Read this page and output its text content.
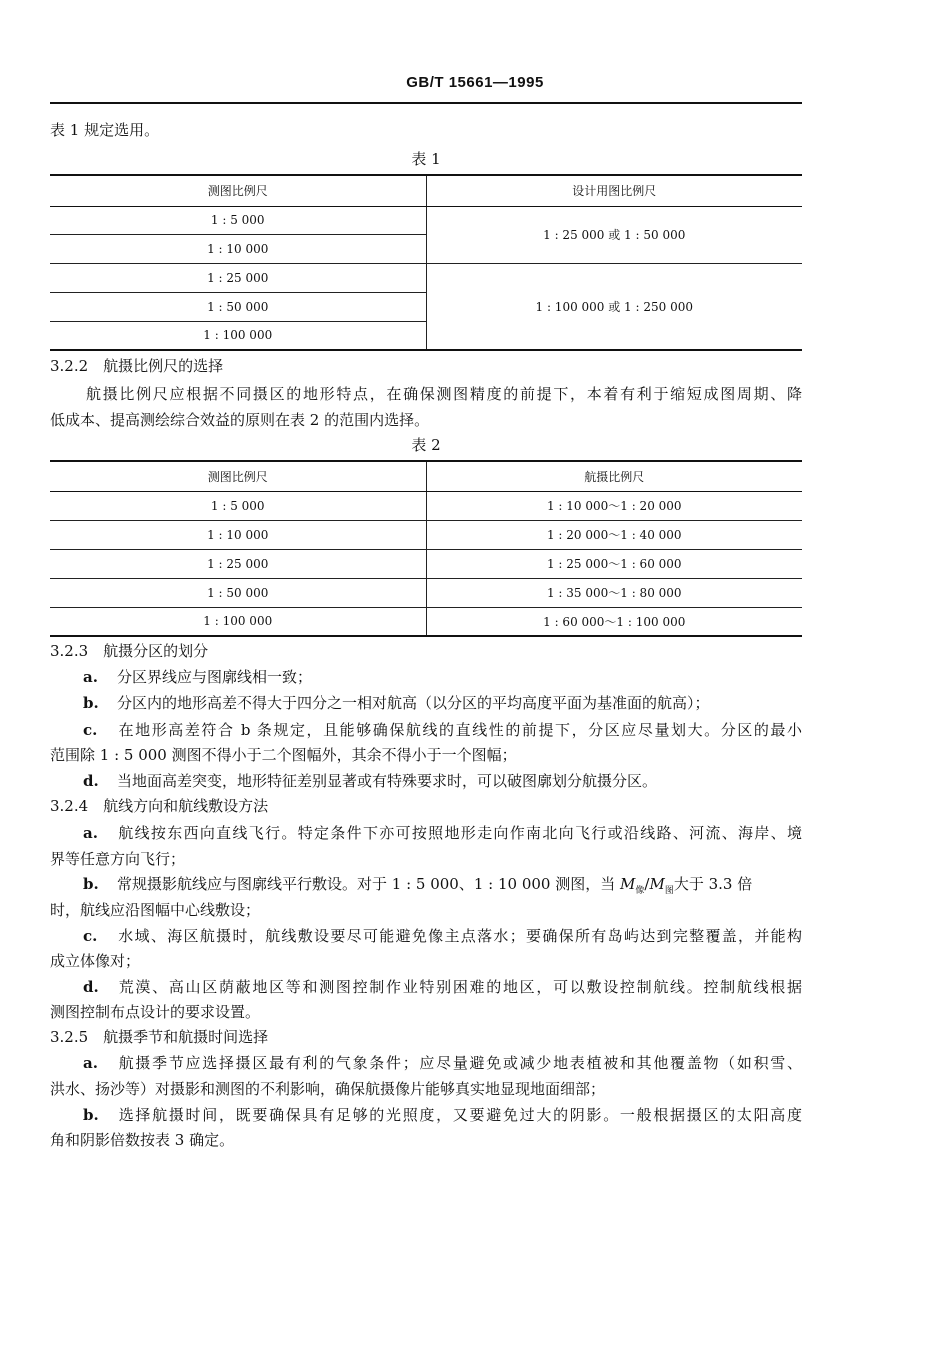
GB/T 15661—1995
表 1 规定选用。
表 1
测图比例尺	设计用图比例尺
1 : 5 000	1 : 25 000 或 1 : 50 000
1 : 10 000	
1 : 25 000	1 : 100 000 或 1 : 250 000
1 : 50 000	
1 : 100 000	
3.2.2　航摄比例尺的选择
航摄比例尺应根据不同摄区的地形特点，在确保测图精度的前提下，本着有利于缩短成图周期、降
低成本、提高测绘综合效益的原则在表 2 的范围内选择。
表 2
测图比例尺	航摄比例尺
1 : 5 000	1 : 10 000～1 : 20 000
1 : 10 000	1 : 20 000～1 : 40 000
1 : 25 000	1 : 25 000～1 : 60 000
1 : 50 000	1 : 35 000～1 : 80 000
1 : 100 000	1 : 60 000～1 : 100 000
3.2.3　航摄分区的划分
a. 分区界线应与图廓线相一致；
b. 分区内的地形高差不得大于四分之一相对航高（以分区的平均高度平面为基准面的航高）；
c. 在地形高差符合 b 条规定，且能够确保航线的直线性的前提下，分区应尽量划大。分区的最小
范围除 1 : 5 000 测图不得小于二个图幅外，其余不得小于一个图幅；
d. 当地面高差突变，地形特征差别显著或有特殊要求时，可以破图廓划分航摄分区。
3.2.4　航线方向和航线敷设方法
a. 航线按东西向直线飞行。特定条件下亦可按照地形走向作南北向飞行或沿线路、河流、海岸、境
界等任意方向飞行；
b. 常规摄影航线应与图廓线平行敷设。对于 1 : 5 000、1 : 10 000 测图，当 $M_像/M_图$大于 3.3 倍
时，航线应沿图幅中心线敷设；
c. 水域、海区航摄时，航线敷设要尽可能避免像主点落水；要确保所有岛屿达到完整覆盖，并能构
成立体像对；
d. 荒漠、高山区荫蔽地区等和测图控制作业特别困难的地区，可以敷设控制航线。控制航线根据
测图控制布点设计的要求设置。
3.2.5　航摄季节和航摄时间选择
a. 航摄季节应选择摄区最有利的气象条件；应尽量避免或减少地表植被和其他覆盖物（如积雪、
洪水、扬沙等）对摄影和测图的不利影响，确保航摄像片能够真实地显现地面细部；
b. 选择航摄时间，既要确保具有足够的光照度，又要避免过大的阴影。一般根据摄区的太阳高度
角和阴影倍数按表 3 确定。
